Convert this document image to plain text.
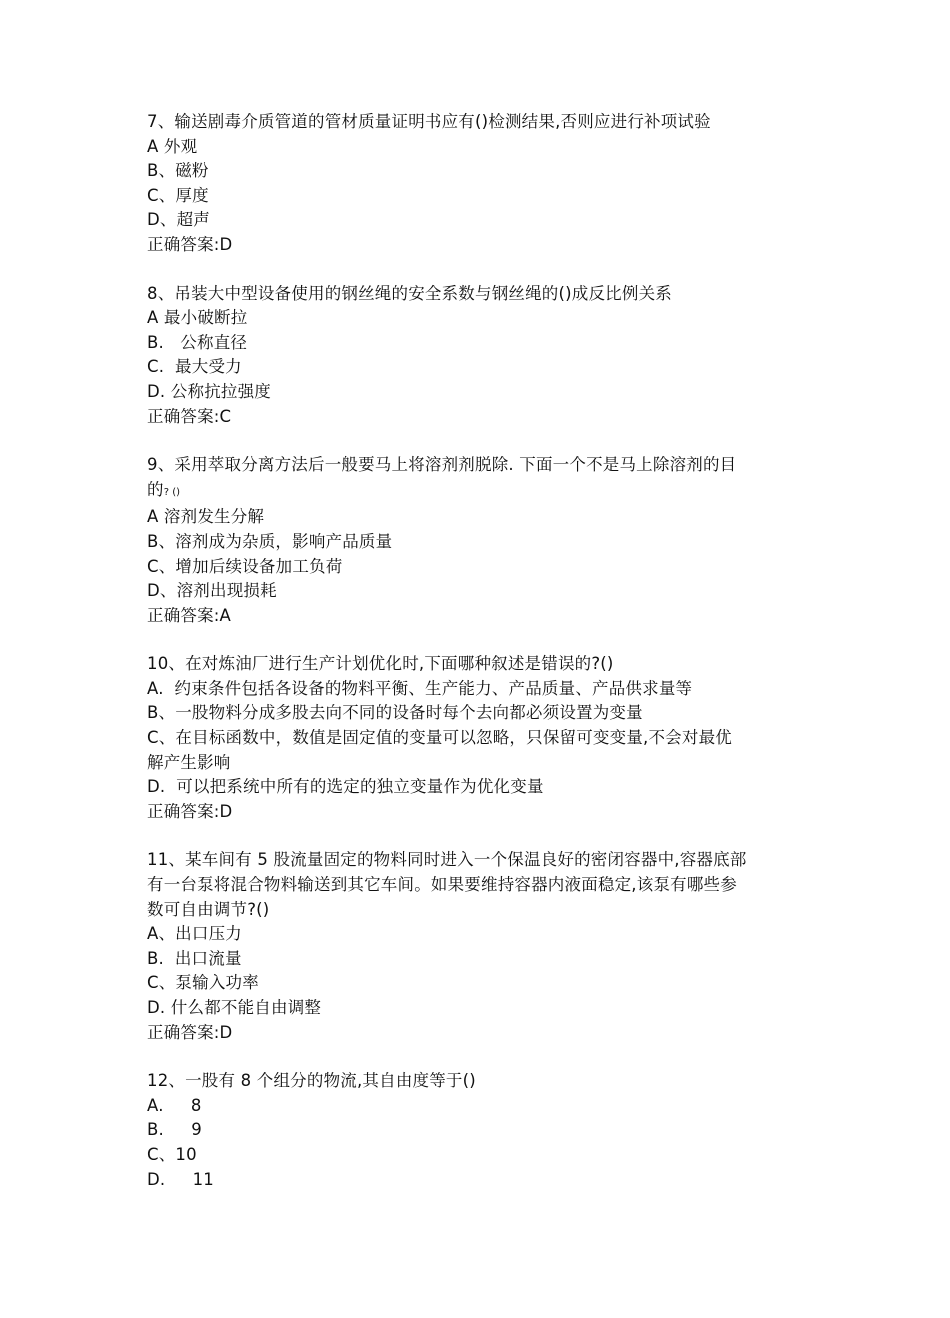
7、输送剧毒介质管道的管材质量证明书应有()检测结果,否则应进行补项试验
A 外观
B、磁粉
C、厚度
D、超声
正确答案:D
8、吊装大中型设备使用的钢丝绳的安全系数与钢丝绳的()成反比例关系
A 最小破断拉
B.   公称直径
C.  最大受力
D. 公称抗拉强度
正确答案:C
9、采用萃取分离方法后一般要马上将溶剂剂脱除. 下面一个不是马上除溶剂的目
的? ()
A 溶剂发生分解
B、溶剂成为杂质，影响产品质量
C、增加后续设备加工负荷
D、溶剂出现损耗
正确答案:A
10、在对炼油厂进行生产计划优化时,下面哪种叙述是错误的?()
A.  约束条件包括各设备的物料平衡、生产能力、产品质量、产品供求量等
B、一股物料分成多股去向不同的设备时每个去向都必须设置为变量
C、在目标函数中，数值是固定值的变量可以忽略，只保留可变变量,不会对最优
解产生影响
D.  可以把系统中所有的选定的独立变量作为优化变量
正确答案:D
11、某车间有 5 股流量固定的物料同时进入一个保温良好的密闭容器中,容器底部
有一台泵将混合物料输送到其它车间。如果要维持容器内液面稳定,该泵有哪些参
数可自由调节?()
A、出口压力
B.  出口流量
C、泵输入功率
D. 什么都不能自由调整
正确答案:D
12、一股有 8 个组分的物流,其自由度等于()
A.     8
B.     9
C、10
D.     11
